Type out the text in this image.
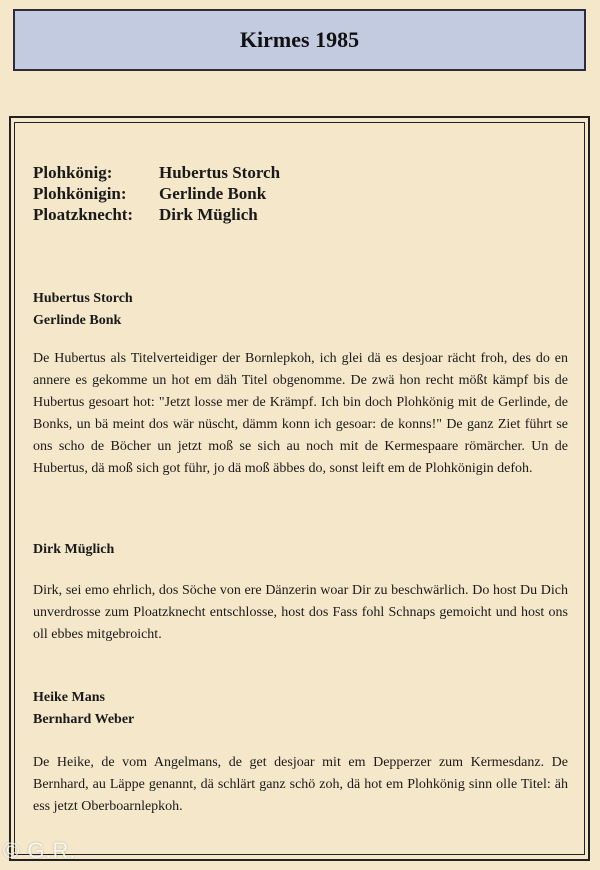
Kirmes 1985
Plohkönig:	Hubertus Storch
Plohkönigin:	Gerlinde Bonk
Ploatzknecht:	Dirk Müglich
Hubertus Storch
Gerlinde Bonk
De Hubertus als Titelverteidiger der Bornlepkoh, ich glei dä es desjoar rächt froh, des do en annere es gekomme un hot em däh Titel obgenomme. De zwä hon recht mößt kämpf bis de Hubertus gesoart hot: "Jetzt losse mer de Krämpf. Ich bin doch Plohkönig mit de Gerlinde, de Bonks, un bä meint dos wär nüscht, dämm konn ich gesoar: de konns!" De ganz Ziet führt se ons scho de Böcher un jetzt moß se sich au noch mit de Kermespaare römärcher. Un de Hubertus, dä moß sich got führ, jo dä moß äbbes do, sonst leift em de Plohkönigin defoh.
Dirk Müglich
Dirk, sei emo ehrlich, dos Söche von ere Dänzerin woar Dir zu beschwärlich. Do host Du Dich unverdrosse zum Ploatzknecht entschlosse, host dos Fass fohl Schnaps gemoicht und host ons oll ebbes mitgebroicht.
Heike Mans
Bernhard Weber
De Heike, de vom Angelmans, de get desjoar mit em Depperzer zum Kermesdanz. De Bernhard, au Läppe genannt, dä schlärt ganz schö zoh, dä hot em Plohkönig sinn olle Titel: äh ess jetzt Oberboarnlepkoh.
© G.R.
